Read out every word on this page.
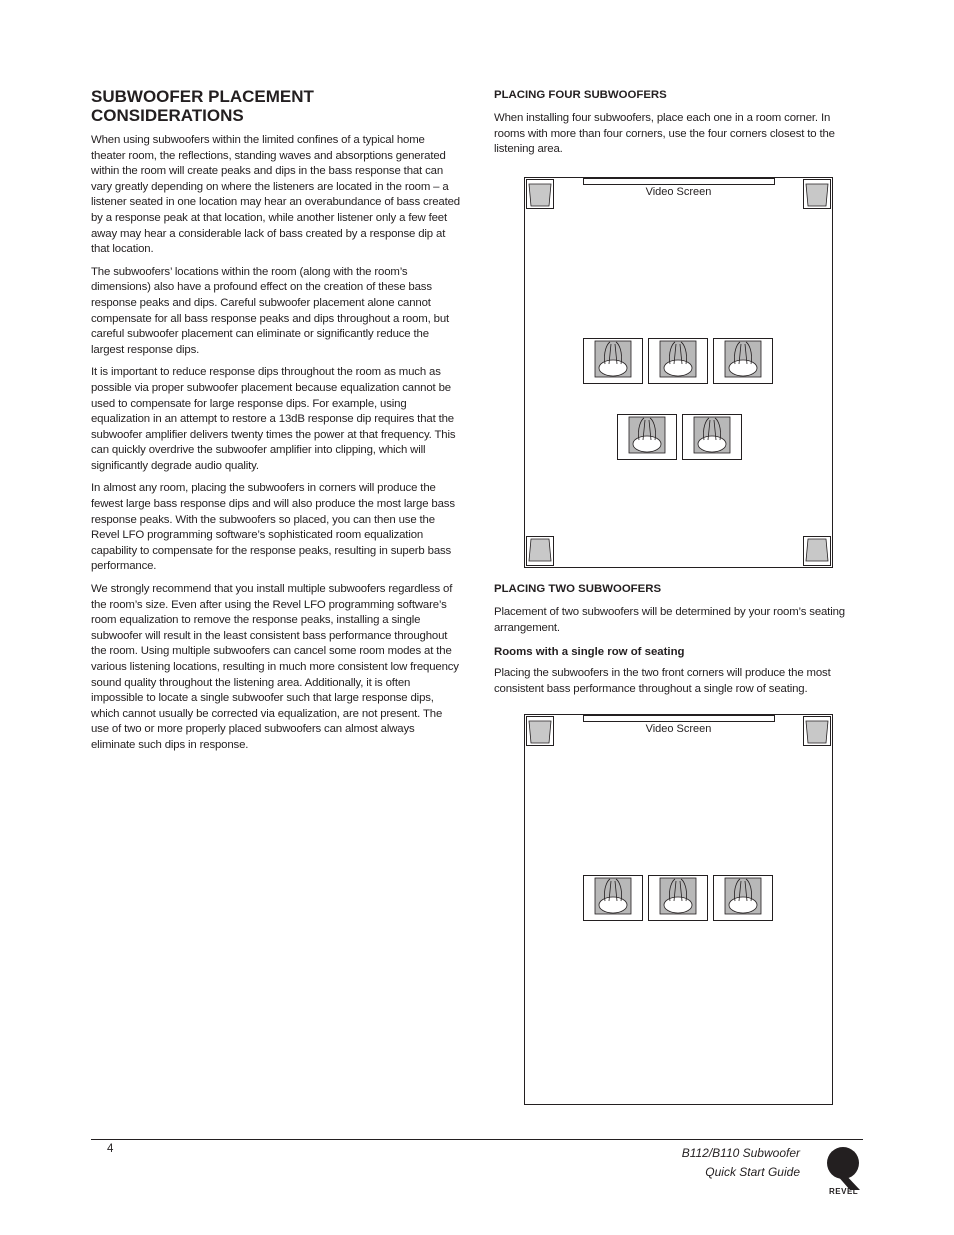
SUBWOOFER PLACEMENT
CONSIDERATIONS

When using subwoofers within the limited confines of a typical home theater room, the reflections, standing waves and absorptions generated within the room will create peaks and dips in the bass response that can vary greatly depending on where the listeners are located in the room – a listener seated in one location may hear an overabundance of bass created by a response peak at that location, while another listener only a few feet away may hear a considerable lack of bass created by a response dip at that location.

The subwoofers’ locations within the room (along with the room’s dimensions) also have a profound effect on the creation of these bass response peaks and dips. Careful subwoofer placement alone cannot compensate for all bass response peaks and dips throughout a room, but careful subwoofer placement can eliminate or significantly reduce the largest response dips.

It is important to reduce response dips throughout the room as much as possible via proper subwoofer placement because equalization cannot be used to compensate for large response dips. For example, using equalization in an attempt to restore a 13dB response dip requires that the subwoofer amplifier delivers twenty times the power at that frequency. This can quickly overdrive the subwoofer amplifier into clipping, which will significantly degrade audio quality.

In almost any room, placing the subwoofers in corners will produce the fewest large bass response dips and will also produce the most large bass response peaks. With the subwoofers so placed, you can then use the Revel LFO programming software’s sophisticated room equalization capability to compensate for the response peaks, resulting in superb bass performance.

We strongly recommend that you install multiple subwoofers regardless of the room’s size. Even after using the Revel LFO programming software’s room equalization to remove the response peaks, installing a single subwoofer will result in the least consistent bass performance throughout the room. Using multiple subwoofers can cancel some room modes at the various listening locations, resulting in much more consistent low frequency sound quality throughout the listening area. Additionally, it is often impossible to locate a single subwoofer such that large response dips, which cannot usually be corrected via equalization, are not present. The use of two or more properly placed subwoofers can almost always eliminate such dips in response.

PLACING FOUR SUBWOOFERS

When installing four subwoofers, place each one in a room corner. In rooms with more than four corners, use the four corners closest to the listening area.

PLACING TWO SUBWOOFERS

Placement of two subwoofers will be determined by your room’s seating arrangement.

Rooms with a single row of seating

Placing the subwoofers in the two front corners will produce the most consistent bass performance throughout a single row of seating.

Video Screen
Video Screen
4	B112/B110 Subwoofer
Quick Start Guide
REVEL
